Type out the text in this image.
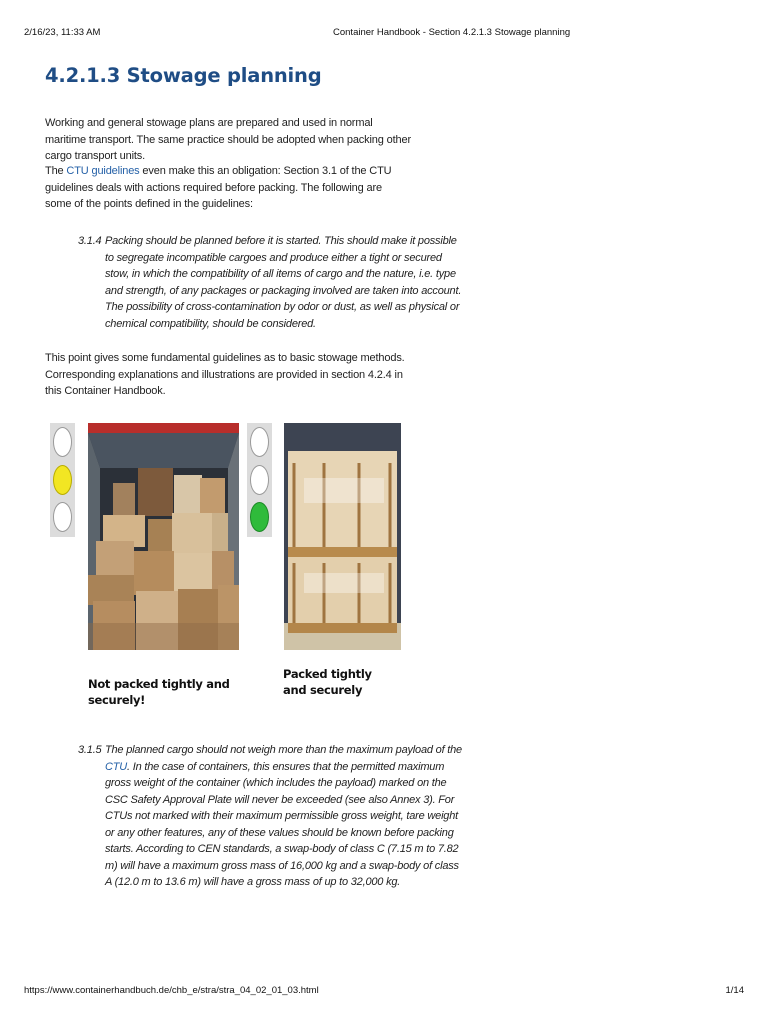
2/16/23, 11:33 AM	Container Handbook - Section 4.2.1.3 Stowage planning
4.2.1.3 Stowage planning
Working and general stowage plans are prepared and used in normal maritime transport. The same practice should be adopted when packing other cargo transport units.
The CTU guidelines even make this an obligation: Section 3.1 of the CTU guidelines deals with actions required before packing. The following are some of the points defined in the guidelines:
3.1.4 Packing should be planned before it is started. This should make it possible to segregate incompatible cargoes and produce either a tight or secured stow, in which the compatibility of all items of cargo and the nature, i.e. type and strength, of any packages or packaging involved are taken into account. The possibility of cross-contamination by odor or dust, as well as physical or chemical compatibility, should be considered.
This point gives some fundamental guidelines as to basic stowage methods. Corresponding explanations and illustrations are provided in section 4.2.4 in this Container Handbook.
Not packed tightly and securely!
Packed tightly and securely
3.1.5 The planned cargo should not weigh more than the maximum payload of the CTU. In the case of containers, this ensures that the permitted maximum gross weight of the container (which includes the payload) marked on the CSC Safety Approval Plate will never be exceeded (see also Annex 3). For CTUs not marked with their maximum permissible gross weight, tare weight or any other features, any of these values should be known before packing starts. According to CEN standards, a swap-body of class C (7.15 m to 7.82 m) will have a maximum gross mass of 16,000 kg and a swap-body of class A (12.0 m to 13.6 m) will have a gross mass of up to 32,000 kg.
https://www.containerhandbuch.de/chb_e/stra/stra_04_02_01_03.html	1/14
